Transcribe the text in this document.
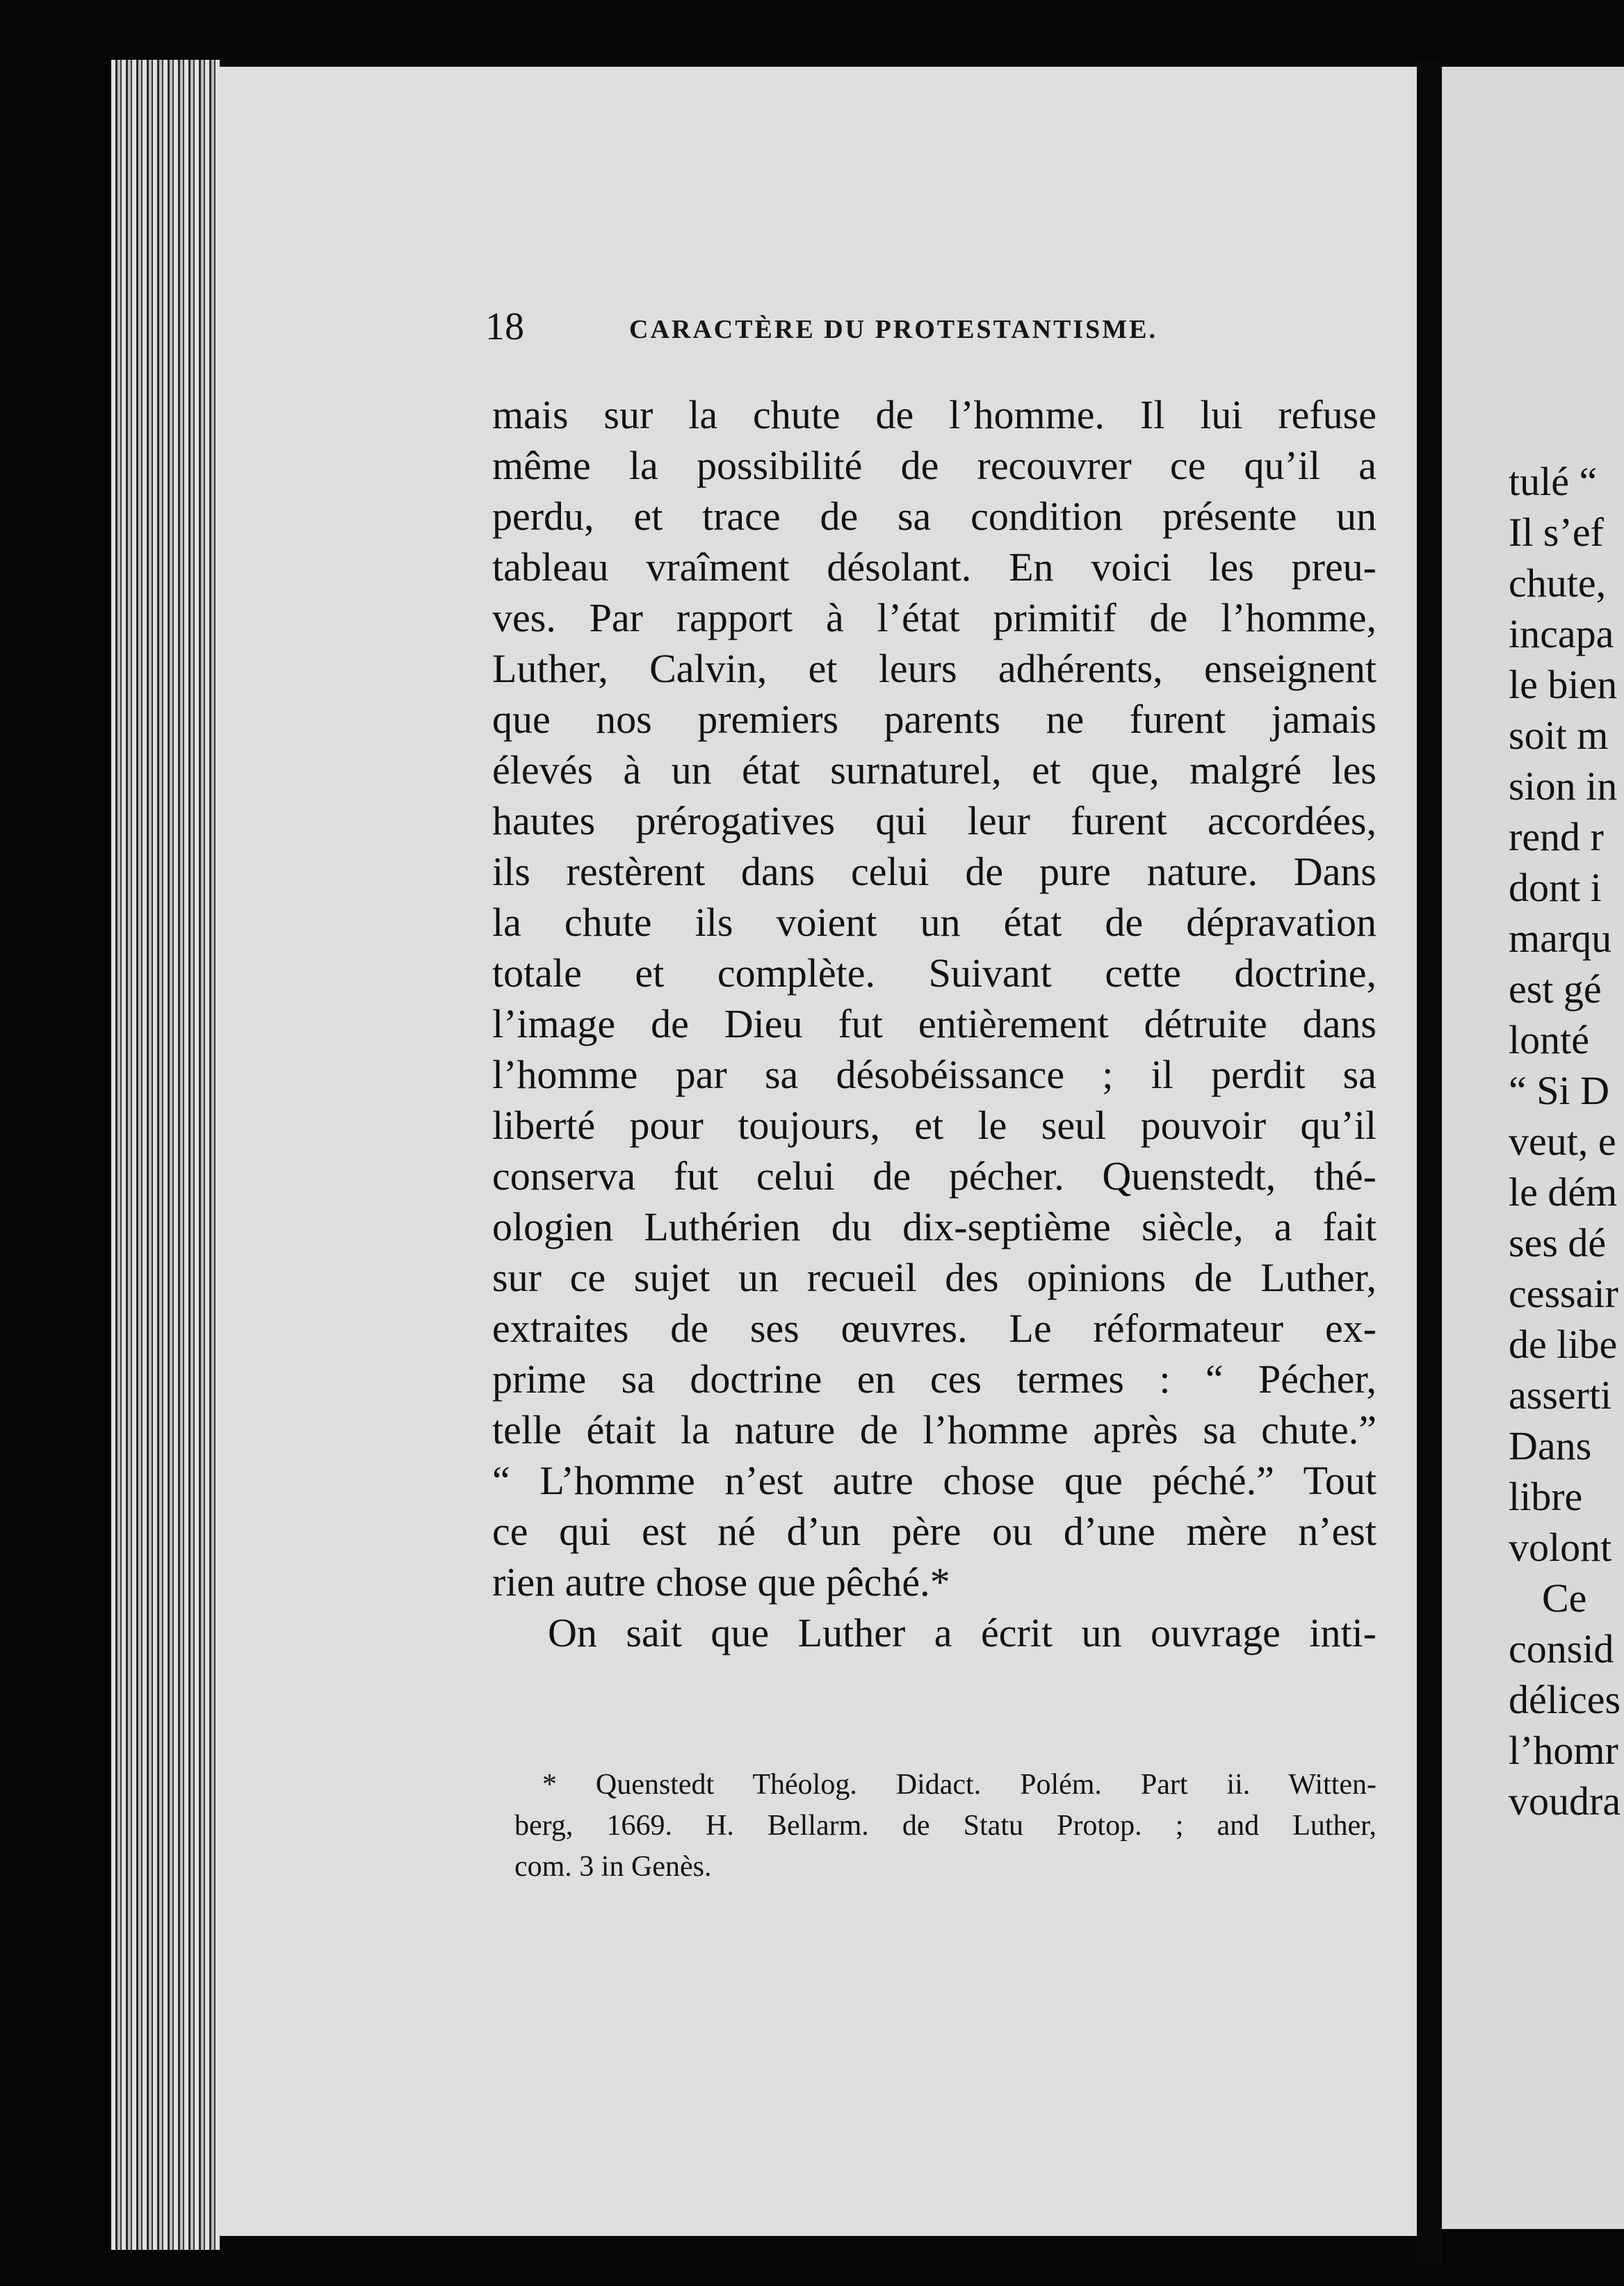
tulé “
Il s’ef
chute,
incapa
le bien
soit m
sion in
rend r
dont i
marqu
est gé
lonté
“ Si D
veut, e
le dém
ses dé
cessair
de libe
asserti
Dans
libre
volont
Ce
consid
délices
l’homr
voudra
18	CARACTÈRE DU PROTESTANTISME.
mais sur la chute de l’homme. Il lui refuse
même la possibilité de recouvrer ce qu’il a
perdu, et trace de sa condition présente un
tableau vraîment désolant. En voici les preu-
ves. Par rapport à l’état primitif de l’homme,
Luther, Calvin, et leurs adhérents, enseignent
que nos premiers parents ne furent jamais
élevés à un état surnaturel, et que, malgré les
hautes prérogatives qui leur furent accordées,
ils restèrent dans celui de pure nature. Dans
la chute ils voient un état de dépravation
totale et complète. Suivant cette doctrine,
l’image de Dieu fut entièrement détruite dans
l’homme par sa désobéissance ; il perdit sa
liberté pour toujours, et le seul pouvoir qu’il
conserva fut celui de pécher. Quenstedt, thé-
ologien Luthérien du dix-septième siècle, a fait
sur ce sujet un recueil des opinions de Luther,
extraites de ses œuvres. Le réformateur ex-
prime sa doctrine en ces termes : “ Pécher,
telle était la nature de l’homme après sa chute.”
“ L’homme n’est autre chose que péché.” Tout
ce qui est né d’un père ou d’une mère n’est
rien autre chose que pêché.*
On sait que Luther a écrit un ouvrage inti-
* Quenstedt Théolog. Didact. Polém. Part ii. Witten-
berg, 1669. H. Bellarm. de Statu Protop. ; and Luther,
com. 3 in Genès.
